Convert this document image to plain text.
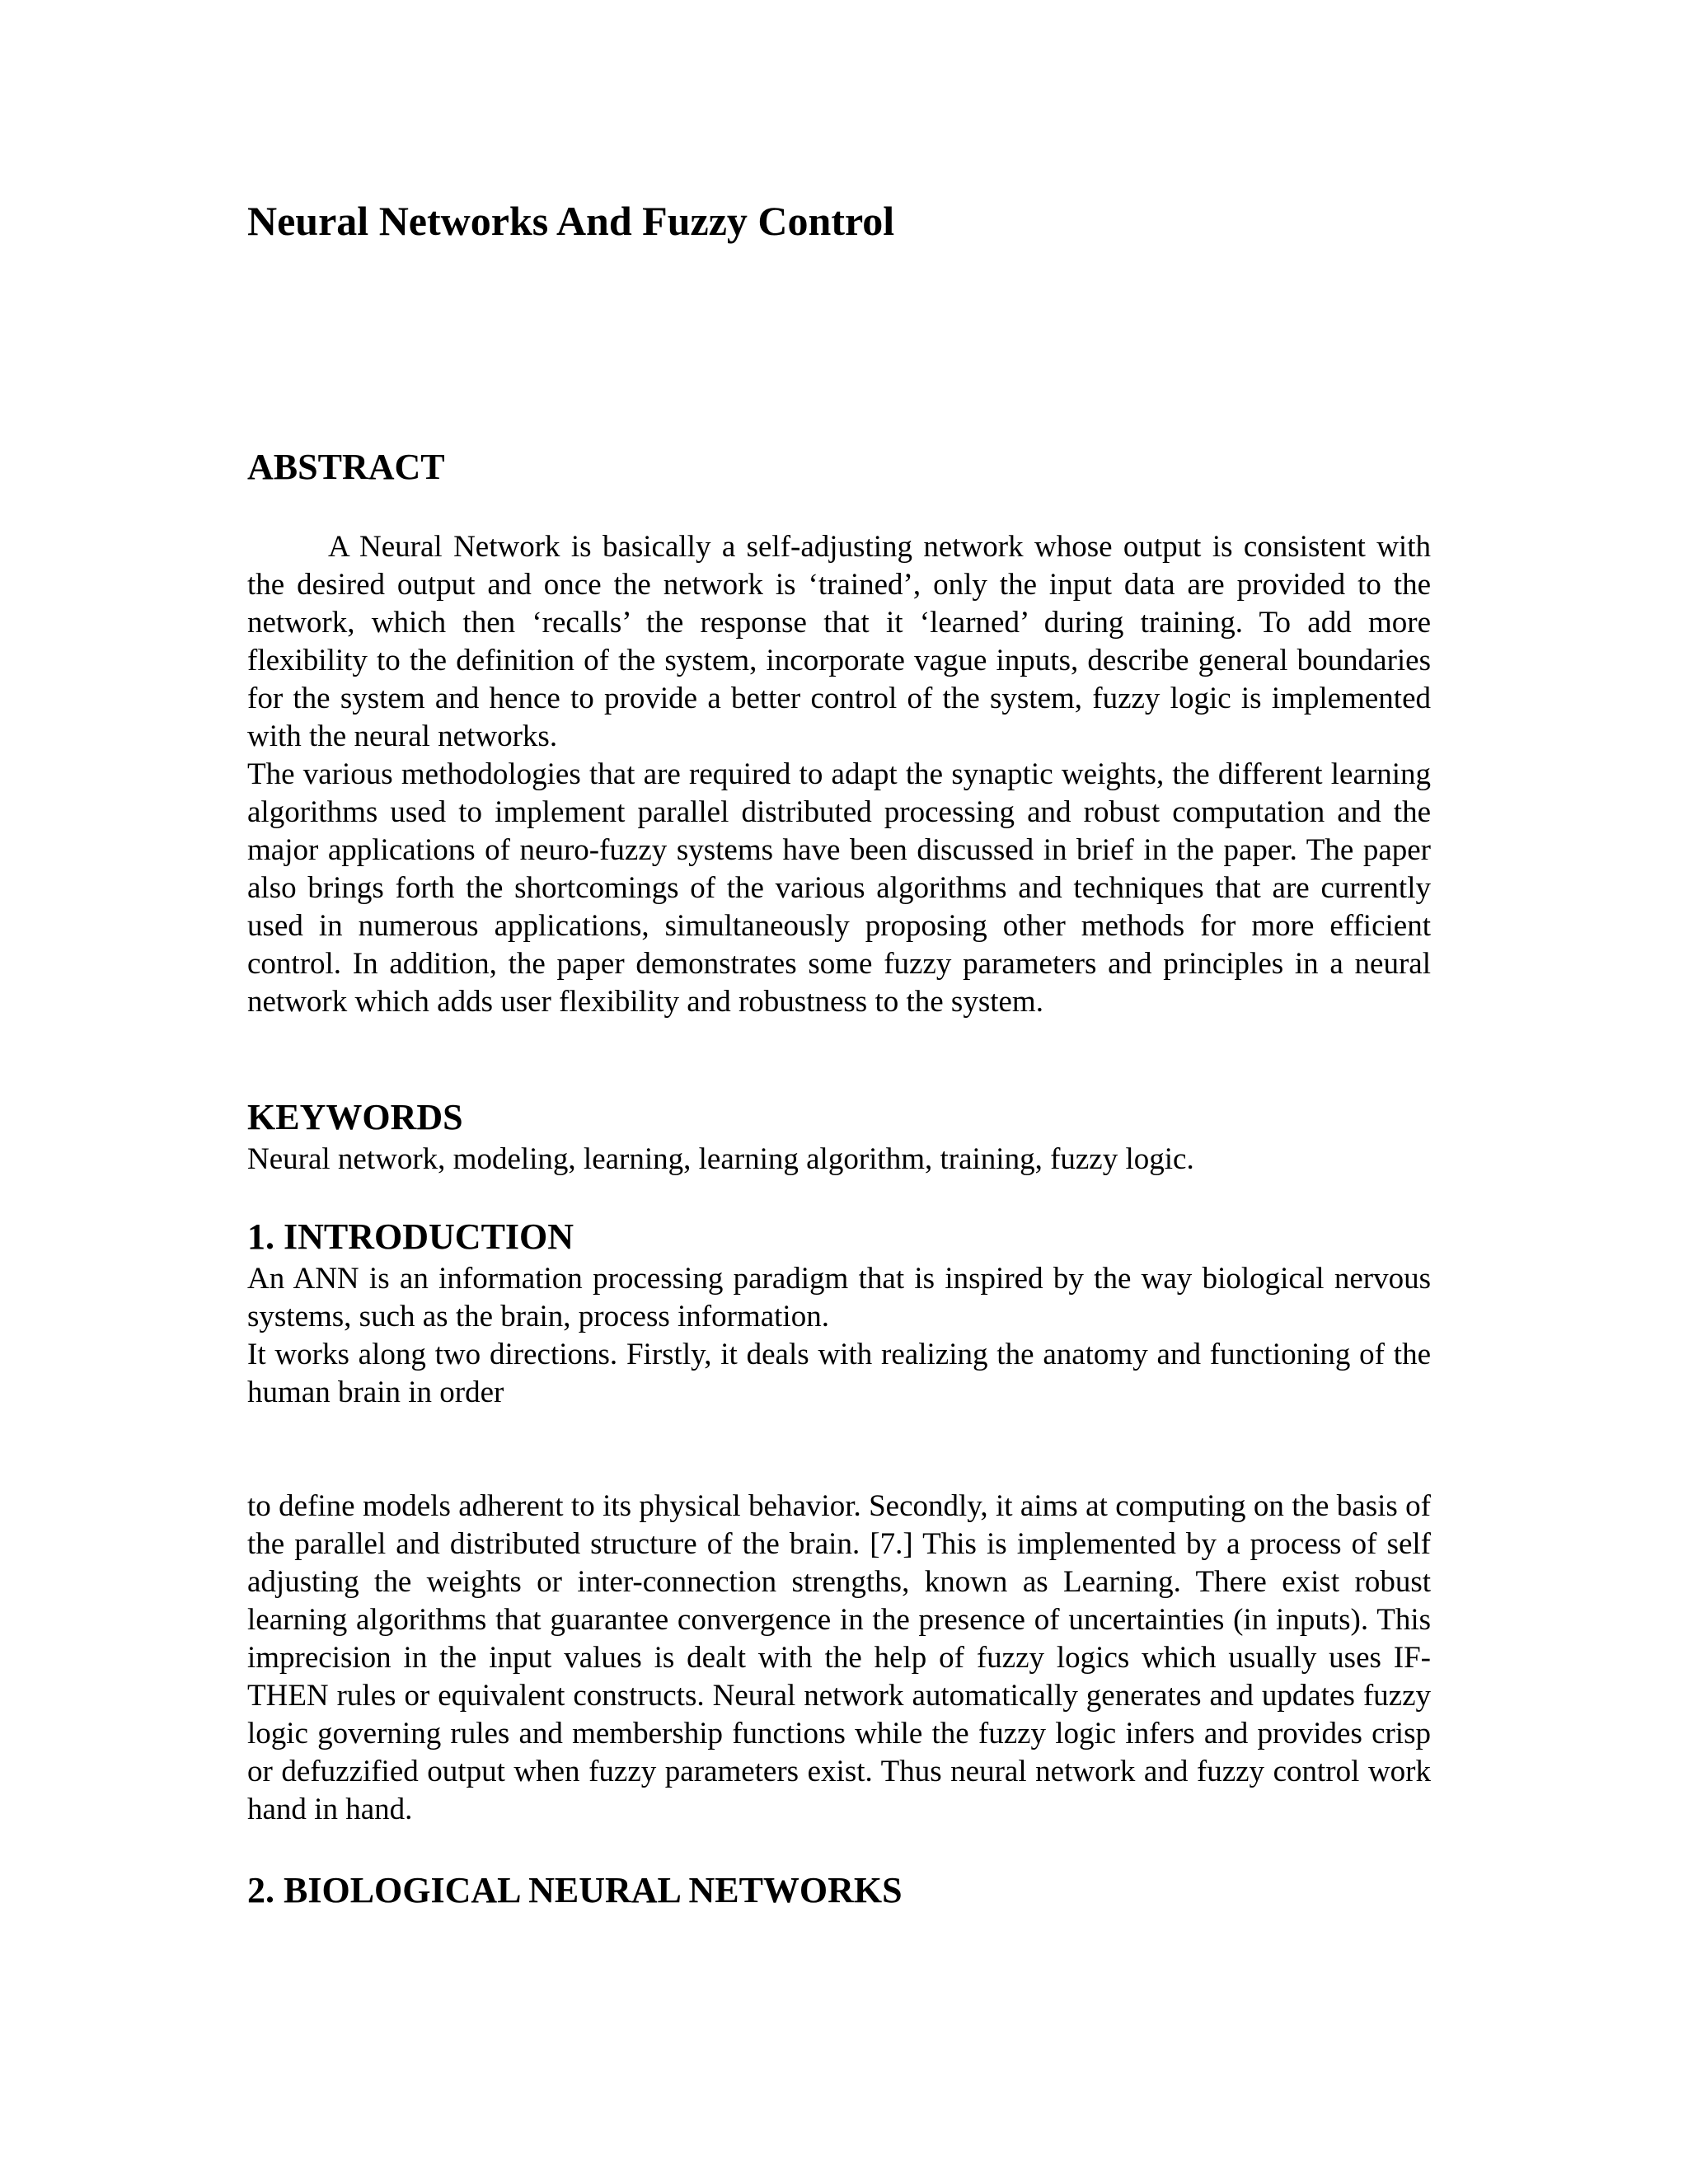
Neural Networks And Fuzzy Control
ABSTRACT

A Neural Network is basically a self-adjusting network whose output is consistent with the desired output and once the network is ‘trained’, only the input data are provided to the network, which then ‘recalls’ the response that it ‘learned’ during training. To add more flexibility to the definition of the system, incorporate vague inputs, describe general boundaries for the system and hence to provide a better control of the system, fuzzy logic is implemented with the neural networks.

The various methodologies that are required to adapt the synaptic weights, the different learning algorithms used to implement parallel distributed processing and robust computation and the major applications of neuro-fuzzy systems have been discussed in brief in the paper. The paper also brings forth the shortcomings of the various algorithms and techniques that are currently used in numerous applications, simultaneously proposing other methods for more efficient control. In addition, the paper demonstrates some fuzzy parameters and principles in a neural network which adds user flexibility and robustness to the system.

KEYWORDS

Neural network, modeling, learning, learning algorithm, training, fuzzy logic.

1. INTRODUCTION

An ANN is an information processing paradigm that is inspired by the way biological nervous systems, such as the brain, process information.

It works along two directions. Firstly, it deals with realizing the anatomy and functioning of the human brain in order

to define models adherent to its physical behavior. Secondly, it aims at computing on the basis of the parallel and distributed structure of the brain. [7.] This is implemented by a process of self adjusting the weights or inter-connection strengths, known as Learning. There exist robust learning algorithms that guarantee convergence in the presence of uncertainties (in inputs). This imprecision in the input values is dealt with the help of fuzzy logics which usually uses IF-THEN rules or equivalent constructs. Neural network automatically generates and updates fuzzy logic governing rules and membership functions while the fuzzy logic infers and provides crisp or defuzzified output when fuzzy parameters exist. Thus neural network and fuzzy control work hand in hand.

2. BIOLOGICAL NEURAL NETWORKS
